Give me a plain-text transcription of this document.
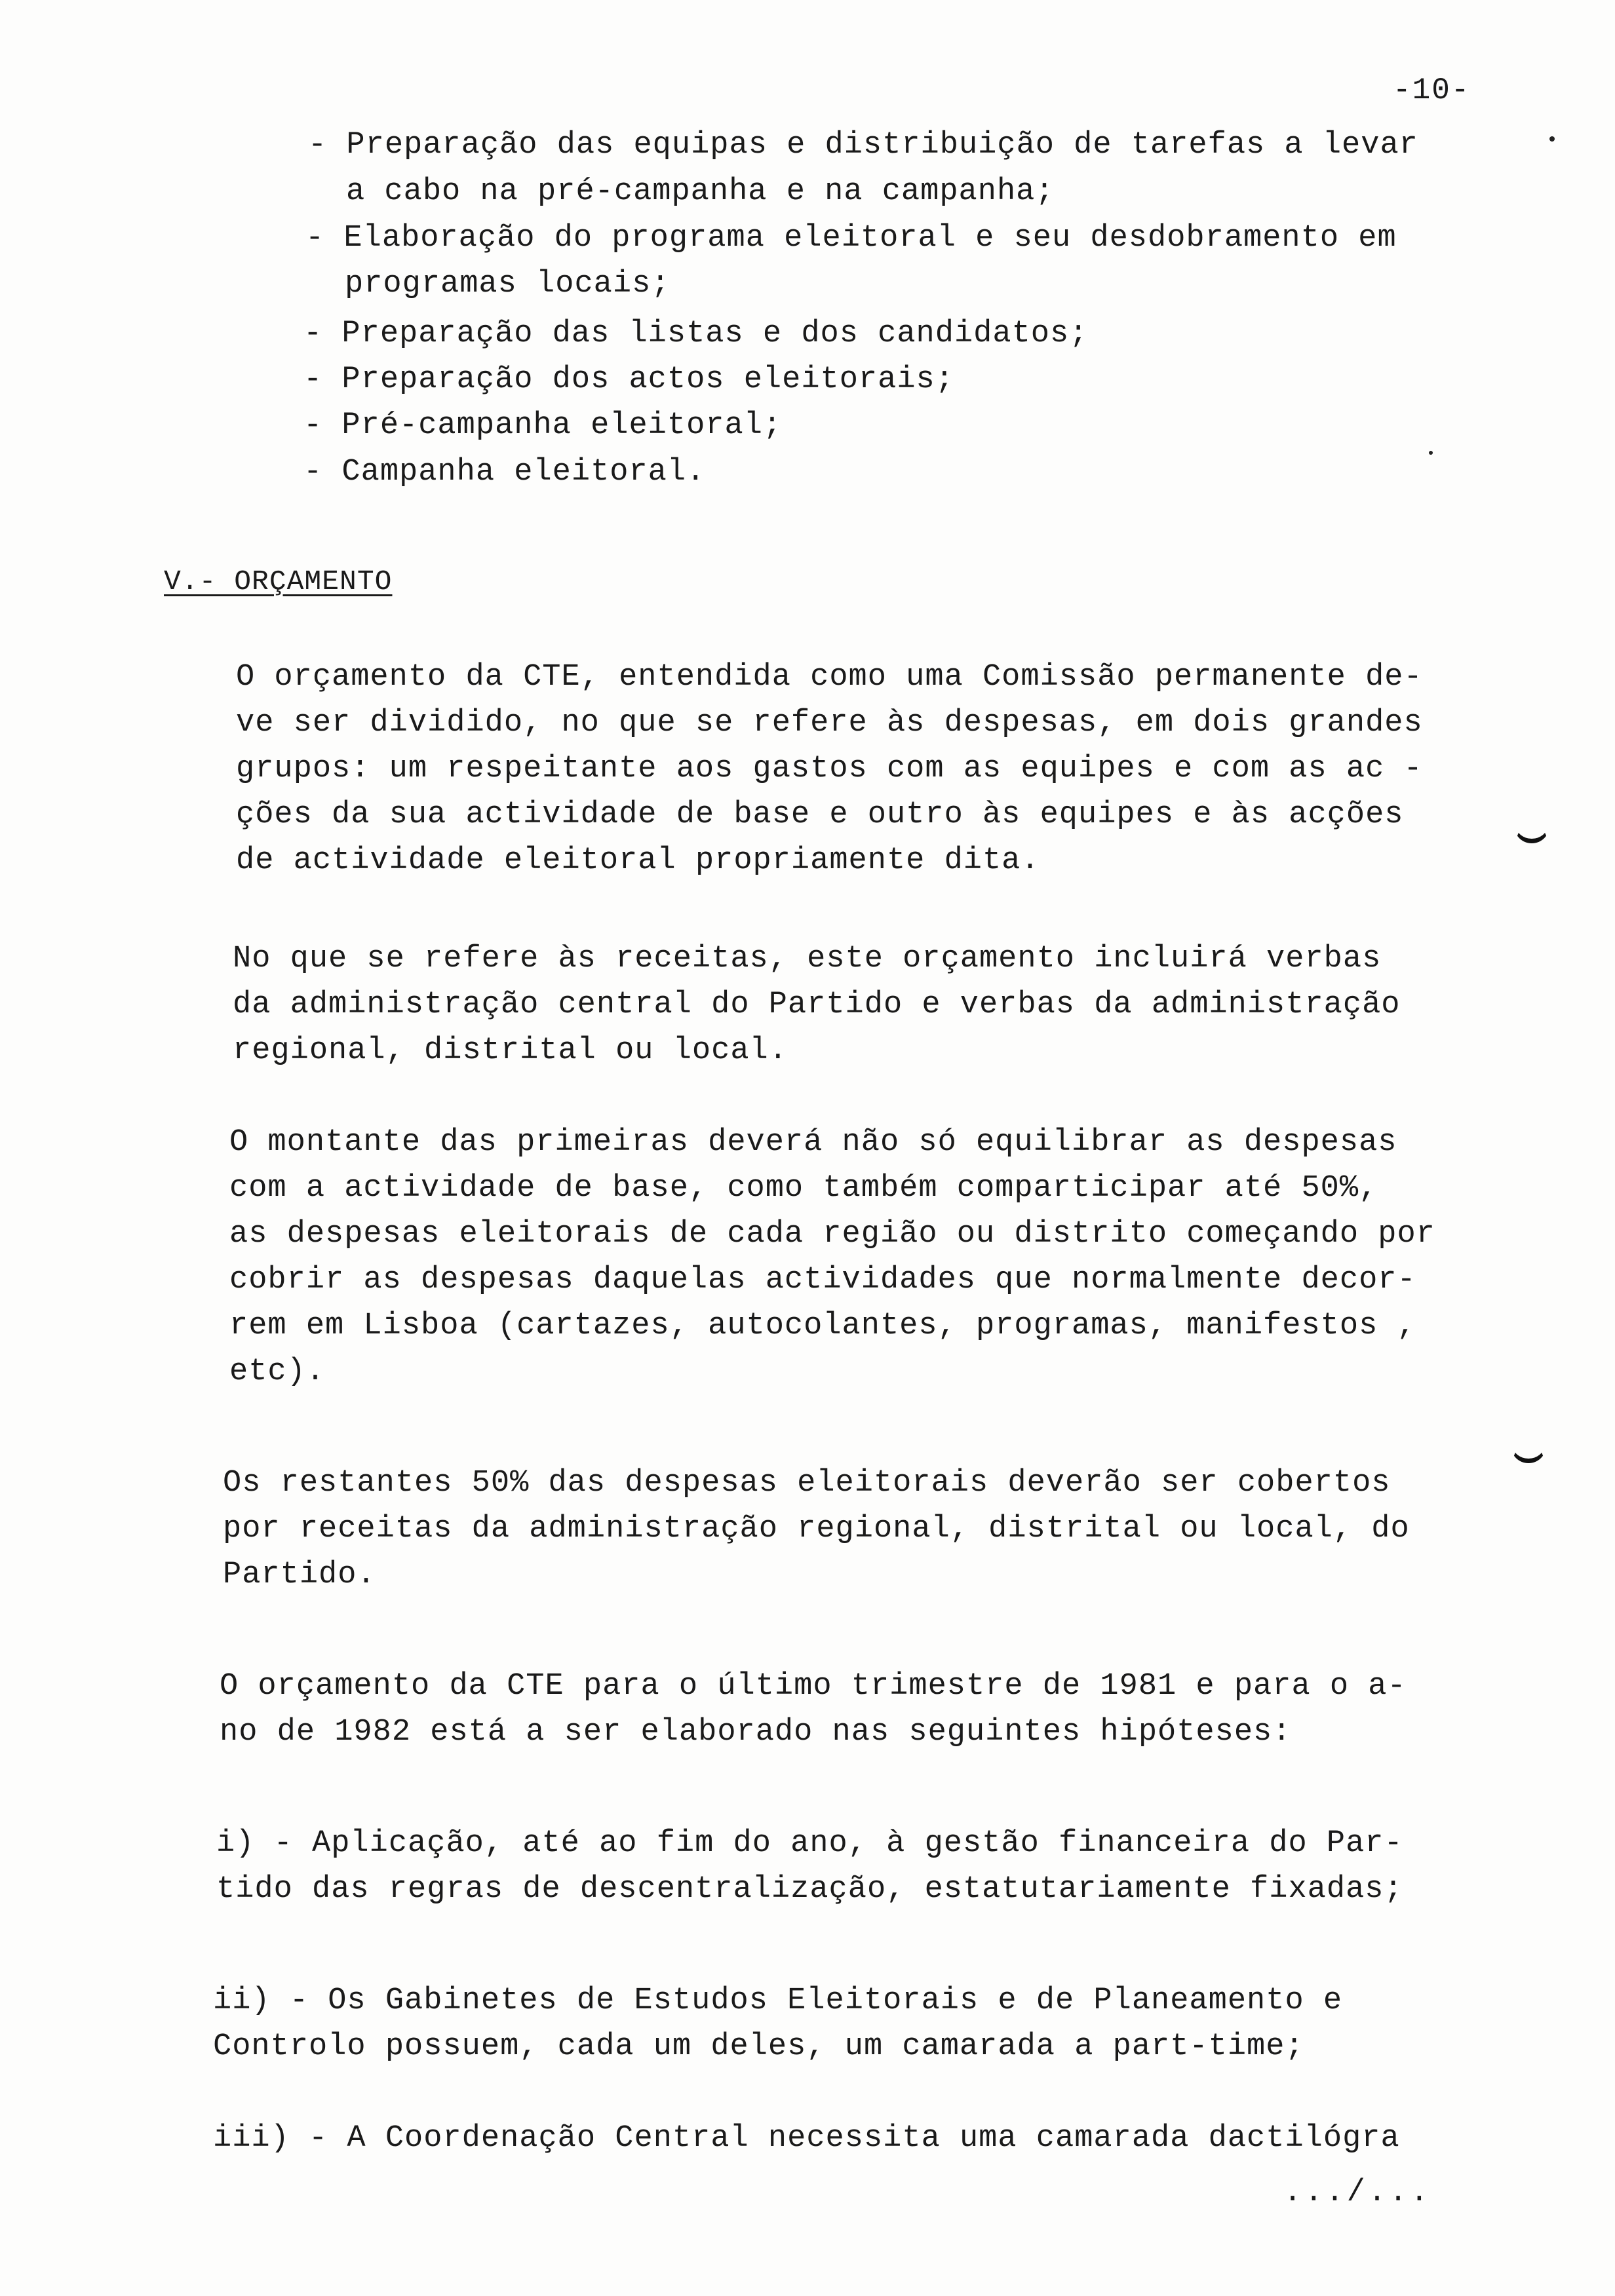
-10-
- Preparação das equipas e distribuição de tarefas a levar
a cabo na pré-campanha e na campanha;
- Elaboração do programa eleitoral e seu desdobramento em
programas locais;
- Preparação das listas e dos candidatos;
- Preparação dos actos eleitorais;
- Pré-campanha eleitoral;
- Campanha eleitoral.
V.- ORÇAMENTO
O orçamento da CTE, entendida como uma Comissão permanente de-
ve ser dividido, no que se refere às despesas, em dois grandes
grupos: um respeitante aos gastos com as equipes e com as ac -
ções da sua actividade de base e outro às equipes e às acções
de actividade eleitoral propriamente dita.
No que se refere às receitas, este orçamento incluirá verbas
da administração central do Partido e verbas da administração
regional, distrital ou local.
O montante das primeiras deverá não só equilibrar as despesas
com a actividade de base, como também comparticipar até 50%,
as despesas eleitorais de cada região ou distrito começando por
cobrir as despesas daquelas actividades que normalmente decor-
rem em Lisboa (cartazes, autocolantes, programas, manifestos ,
etc).
Os restantes 50% das despesas eleitorais deverão ser cobertos
por receitas da administração regional, distrital ou local, do
Partido.
O orçamento da CTE para o último trimestre de 1981 e para o a-
no de 1982 está a ser elaborado nas seguintes hipóteses:
i) - Aplicação, até ao fim do ano, à gestão financeira do Par-
tido das regras de descentralização, estatutariamente fixadas;
ii) - Os Gabinetes de Estudos Eleitorais e de Planeamento e
Controlo possuem, cada um deles, um camarada a part-time;
iii) - A Coordenação Central necessita uma camarada dactilógra
.../...
